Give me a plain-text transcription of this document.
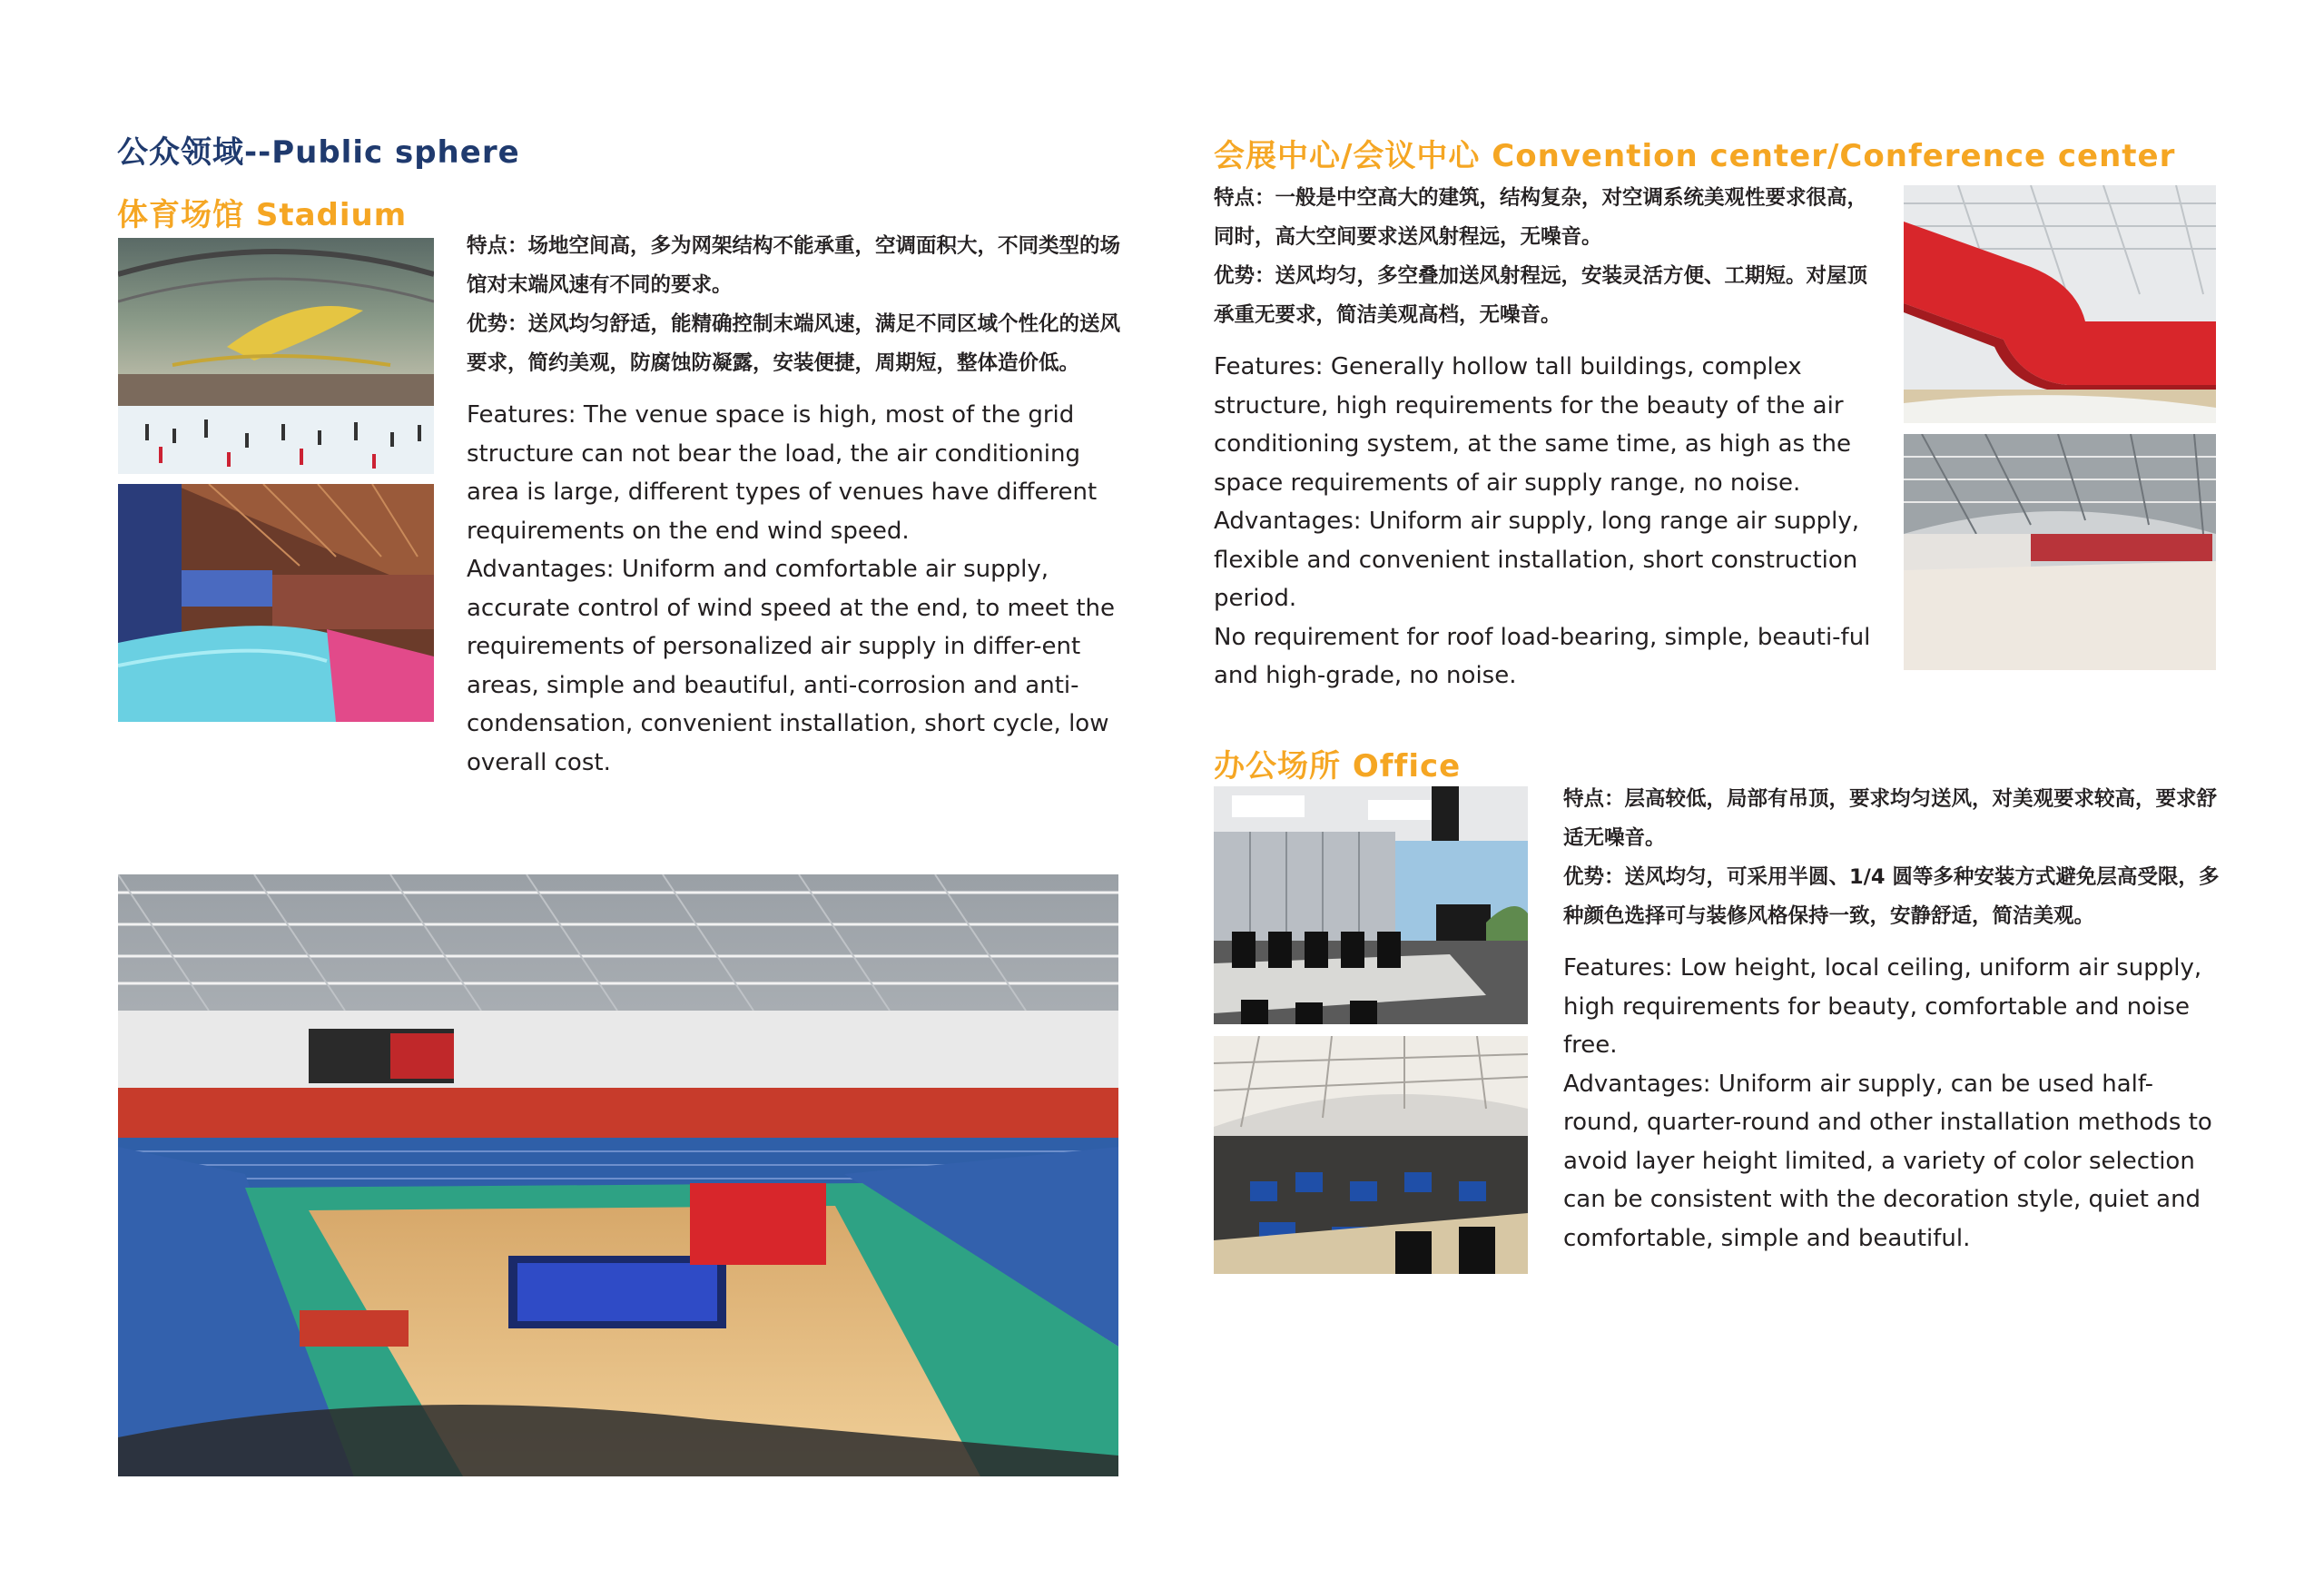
公众领域--Public sphere
体育场馆 Stadium

特点：场地空间高，多为网架结构不能承重，空调面积大，不同类型的场馆对末端风速有不同的要求。

优势：送风均匀舒适，能精确控制末端风速，满足不同区域个性化的送风要求，简约美观，防腐蚀防凝露，安装便捷，周期短，整体造价低。

Features: The venue space is high, most of the grid structure can not bear the load, the air conditioning area is large, different types of venues have different requirements on the end wind speed.

Advantages: Uniform and comfortable air supply, accurate control of wind speed at the end, to meet the requirements of personalized air supply in differ-ent areas, simple and beautiful, anti-corrosion and anti-condensation, convenient installation, short cycle, low overall cost.

会展中心/会议中心 Convention center/Conference center

特点：一般是中空高大的建筑，结构复杂，对空调系统美观性要求很高，同时，高大空间要求送风射程远，无噪音。

优势：送风均匀，多空叠加送风射程远，安装灵活方便、工期短。对屋顶承重无要求，简洁美观高档，无噪音。

Features: Generally hollow tall buildings, complex structure, high requirements for the beauty of the air conditioning system, at the same time, as high as the space requirements of air supply range, no noise.

Advantages: Uniform air supply, long range air supply, flexible and convenient installation, short construction period.

No requirement for roof load-bearing, simple, beauti-ful and high-grade, no noise.

办公场所 Office

特点：层高较低，局部有吊顶，要求均匀送风，对美观要求较高，要求舒适无噪音。

优势：送风均匀，可采用半圆、1/4 圆等多种安装方式避免层高受限，多种颜色选择可与装修风格保持一致，安静舒适，简洁美观。

Features: Low height, local ceiling, uniform air supply, high requirements for beauty, comfortable and noise free.

Advantages: Uniform air supply, can be used half-round, quarter-round and other installation methods to avoid layer height limited, a variety of color selection can be consistent with the decoration style, quiet and comfortable, simple and beautiful.
